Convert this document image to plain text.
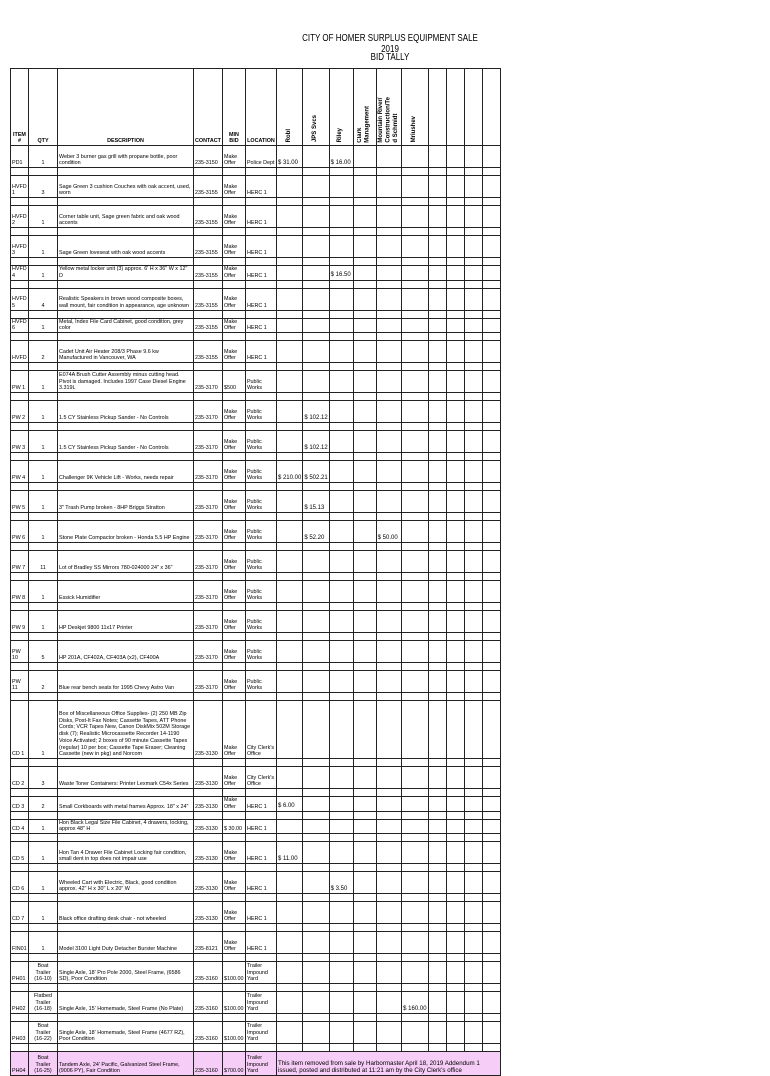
CITY OF HOMER SURPLUS EQUIPMENT SALE 2019
BID TALLY
ITEM #	QTY	DESCRIPTION	CONTACT	MIN BID	LOCATION	Robl	JPS Svcs	Riley	Clark
Management	Mountain River/
Construction/Te
d Schmidt	Mriushev				
PD1	1	Weber 3 burner gas grill with propane bottle, poor condition	235-3150	Make Offer	Police Dept	$ 31.00		$ 16.00							

HVFD 1	3	Sage Green 3 cushion Couches with oak accent, used, worn	235-3155	Make Offer	HERC 1										

HVFD 2	1	Corner table unit, Sage green fabric and oak wood accents	235-3155	Make Offer	HERC 1										

HVFD 3	1	Sage Green loveseat with oak wood accents	235-3155	Make Offer	HERC 1										

HVFD 4	1	Yellow metal locker unit (3) approx. 6' H x 36" W x 12" D	235-3155	Make Offer	HERC 1			$ 16.50							

HVFD 5	4	Realistic Speakers in brown wood composite boxes, wall mount, fair condition in appearance, age unknown	235-3155	Make Offer	HERC 1										

HVFD 6	1	Metal, Index File Card Cabinet, good condition, grey color	235-3155	Make Offer	HERC 1										

HVFD	2	Cadet Unit Air Heater 208/3 Phase 9.6 kw Manufactured in Vancouver, WA	235-3155	Make Offer	HERC 1										

PW 1	1	E074A Brush Cutter Assembly minus cutting head. Pivot is damaged. Includes 1997 Case Diesel Engine 3.319L	235-3170	$500	Public Works										

PW 2	1	1.5 CY Stainless Pickup Sander - No Controls	235-3170	Make Offer	Public Works		$ 102.12								

PW 3	1	1.5 CY Stainless Pickup Sander - No Controls	235-3170	Make Offer	Public Works		$ 102.12								

PW 4	1	Challenger 9K Vehicle Lift - Works, needs repair	235-3170	Make Offer	Public Works	$ 210.00	$ 502.21								

PW 5	1	3" Trash Pump broken - 8HP Briggs Stratton	235-3170	Make Offer	Public Works		$ 15.13								

PW 6	1	Stone Plate Compactor broken - Honda 5.5 HP Engine	235-3170	Make Offer	Public Works		$ 52.20			$ 50.00					

PW 7	11	Lot of Bradley SS Mirrors 780-024000 24" x 36"	235-3170	Make Offer	Public Works										

PW 8	1	Essick Humidifier	235-3170	Make Offer	Public Works										

PW 9	1	HP Deskjet 9800 11x17 Printer	235-3170	Make Offer	Public Works										

PW 10	5	HP 201A, CF402A, CF403A (x2), CF400A	235-3170	Make Offer	Public Works										

PW 11	2	Blue rear bench seats for 1995 Chevy Astro Van	235-3170	Make Offer	Public Works										

CD 1	1	Box of Miscellaneous Office Supplies- (2) 250 MB Zip Disks, Post-It Fax Notes; Cassette Tapes, ATT Phone Cords; VCR Tapes New, Canon DiskMix 502M Storage disk (7); Realistic Microcassette Recorder 14-1190 Voice Activated; 2 boxes of 90 minute Cassette Tapes (regular) 10 per box; Cassette Tape Eraser; Cleaning Cassette (new in pkg) and Norcom	235-3130	Make Offer	City Clerk's Office										

CD 2	3	Waste Toner Containers: Printer Lexmark C54x Series	235-3130	Make Offer	City Clerk's Office										

CD 3	2	Small Corkboards with metal frames Approx. 18" x 24"	235-3130	Make Offer	HERC 1	$ 6.00									

CD 4	1	Hon Black Legal Size File Cabinet, 4 drawers, locking, approx 48" H	235-3130	$ 30.00	HERC 1										

CD 5	1	Hon Tan 4 Drawer File Cabinet Locking fair condition, small dent in top does not impair use	235-3130	Make Offer	HERC 1	$ 11.00									

CD 6	1	Wheeled Cart with Electric, Black, good condition approx. 42" H x 30" L x 20" W	235-3130	Make Offer	HERC 1			$ 3.50							

CD 7	1	Black office drafting desk chair - not wheeled	235-3130	Make Offer	HERC 1										

FIN01	1	Model 3100 Light Duty Detacher Burster Machine	235-8121	Make Offer	HERC 1										

PH01	Boat Trailer (16-10)	Single Axle, 18' Pro Pole 2000, Steel Frame, (6586 SD), Poor Condition	235-3160	$100.00	Trailer Impound Yard										

PH02	Flatbed Trailer (16-18)	Single Axle, 15' Homemade, Steel Frame (No Plate)	235-3160	$100.00	Trailer Impound Yard						$ 160.00				

PH03	Boat Trailer (16-22)	Single Axle, 18' Homemade, Steel Frame (4677 RZ), Poor Condition	235-3160	$100.00	Trailer Impound Yard										

PH04	Boat Trailer (16-25)	Tandem Axle, 24' Pacific, Galvanized Steel Frame, (9006 PY), Fair Condition	235-3160	$700.00	Trailer Impound Yard	This item removed from sale by Harbormaster April 18, 2019 Addendum 1 issued, posted and distributed at 11:21 am by the City Clerk's office									
